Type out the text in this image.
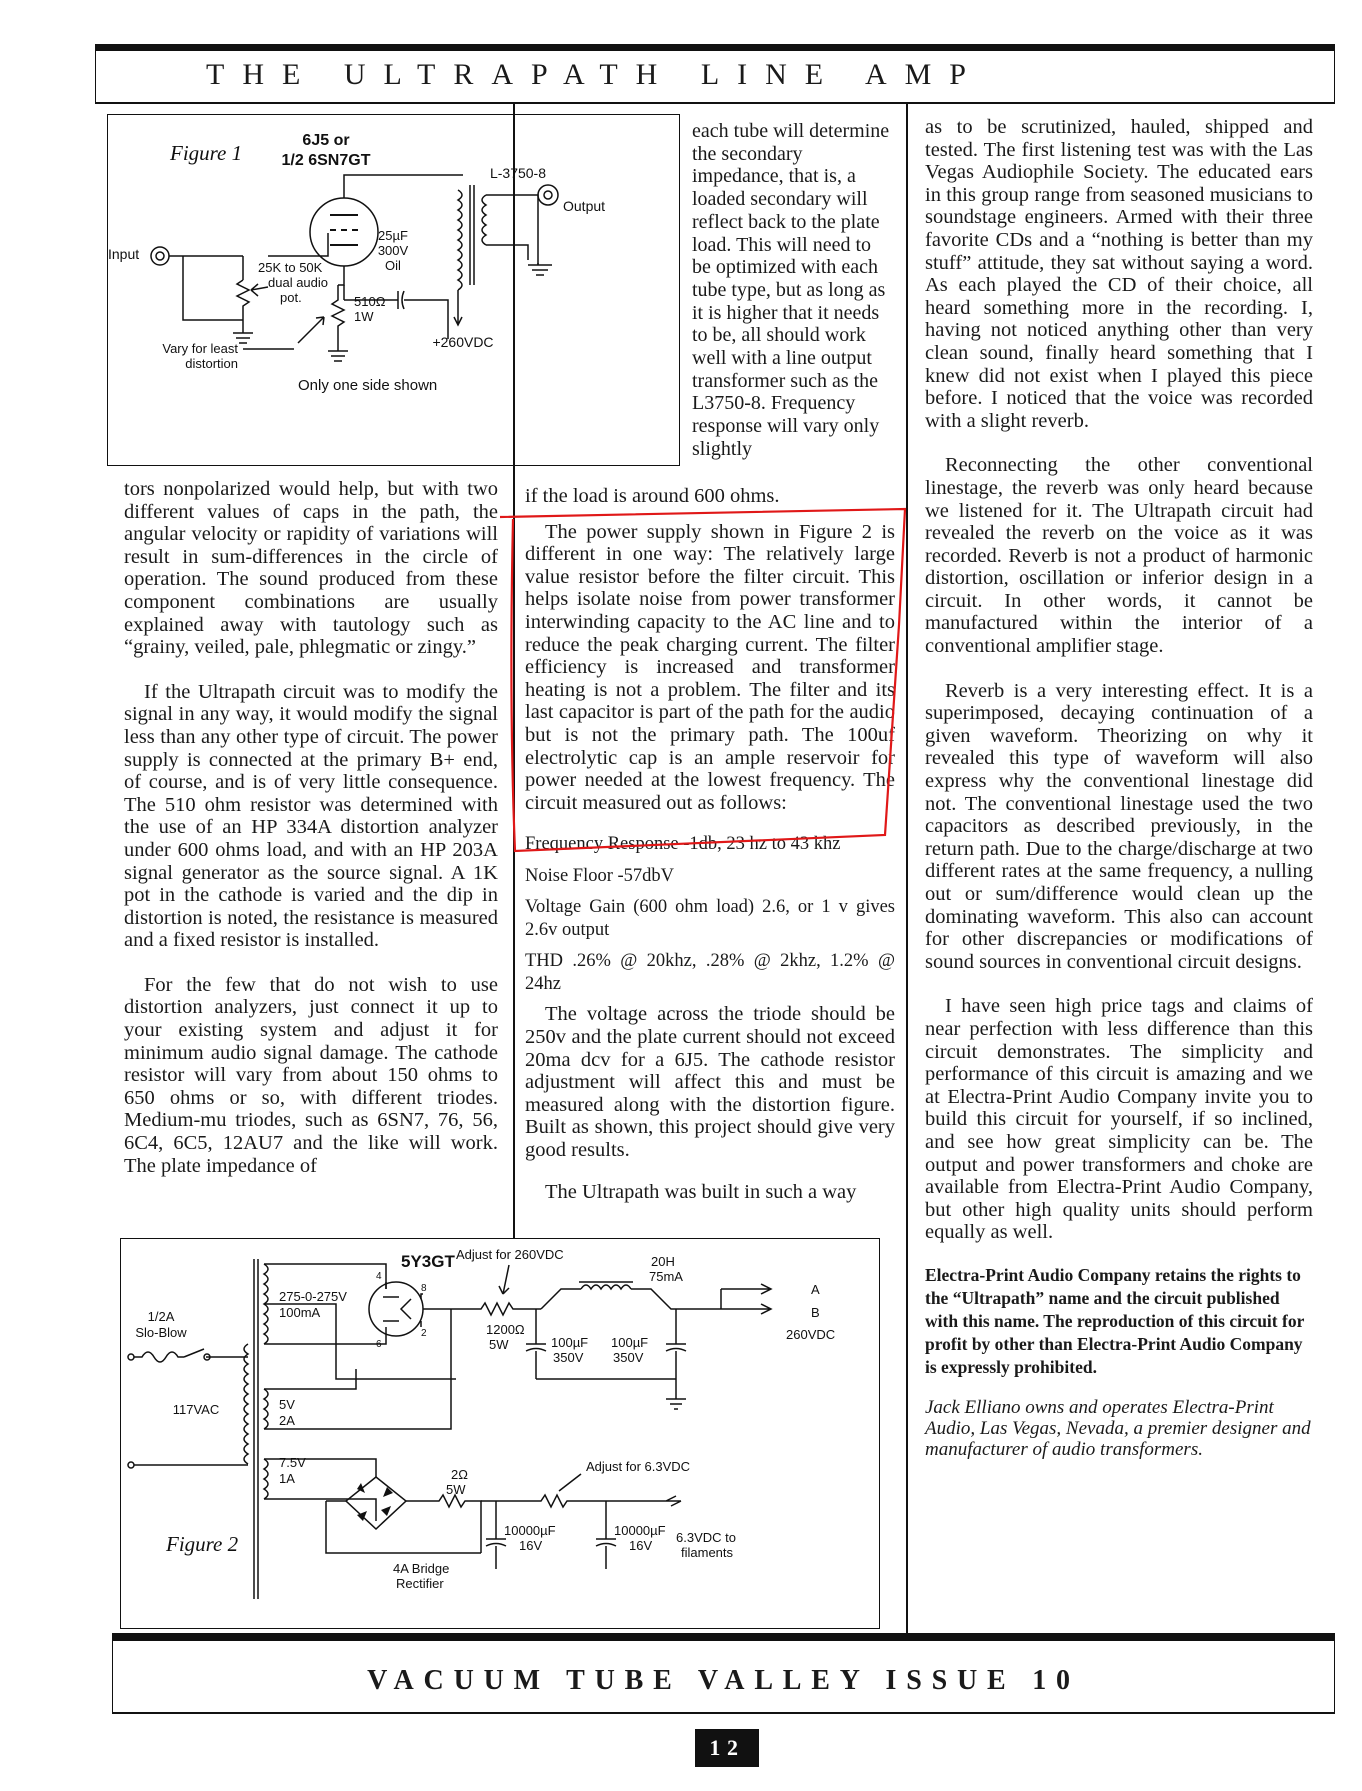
THE ULTRAPATH LINE AMP
Figure 1
6J5 or
1/2 6SN7GT
L-3750-8
Input
25K to 50K
dual audio
pot.
25µF
300V
Oil
510Ω
1W
Vary for least
distortion
+260VDC
Output
Only one side shown

tors nonpolarized would help, but with two different values of caps in the path, the angular velocity or rapidity of variations will result in sum-differences in the circle of operation. The sound produced from these component combinations are usually explained away with tautology such as “grainy, veiled, pale, phlegmatic or zingy.”

If the Ultrapath circuit was to modify the signal in any way, it would modify the signal less than any other type of circuit. The power supply is connected at the primary B+ end, of course, and is of very little consequence. The 510 ohm resistor was determined with the use of an HP 334A distortion analyzer under 600 ohms load, and with an HP 203A signal generator as the source signal. A 1K pot in the cathode is varied and the dip in distortion is noted, the resistance is measured and a fixed resistor is installed.

For the few that do not wish to use distortion analyzers, just connect it up to your existing system and adjust it for minimum audio signal damage. The cathode resistor will vary from about 150 ohms to 650 ohms or so, with different triodes. Medium-mu triodes, such as 6SN7, 76, 56, 6C4, 6C5, 12AU7 and the like will work. The plate impedance of

each tube will determine the secondary impedance, that is, a loaded secondary will reflect back to the plate load. This will need to be optimized with each tube type, but as long as it is higher that it needs to be, all should work well with a line output transformer such as the L3750-8. Frequency response will vary only slightly

if the load is around 600 ohms.

The power supply shown in Figure 2 is different in one way: The relatively large value resistor before the filter circuit. This helps isolate noise from power transformer interwinding capacity to the AC line and to reduce the peak charging current. The filter efficiency is increased and transformer heating is not a problem. The filter and its last capacitor is part of the path for the audio but is not the primary path. The 100uf electrolytic cap is an ample reservoir for power needed at the lowest frequency. The circuit measured out as follows:

Frequency Response -1db, 23 hz to 43 khz

Noise Floor -57dbV

Voltage Gain (600 ohm load) 2.6, or 1 v gives 2.6v output

THD .26% @ 20khz, .28% @ 2khz, 1.2% @ 24hz

The voltage across the triode should be 250v and the plate current should not exceed 20ma dcv for a 6J5. The cathode resistor adjustment will affect this and must be measured along with the distortion figure. Built as shown, this project should give very good results.

The Ultrapath was built in such a way

as to be scrutinized, hauled, shipped and tested. The first listening test was with the Las Vegas Audiophile Society. The educated ears in this group range from seasoned musicians to soundstage engineers. Armed with their three favorite CDs and a “nothing is better than my stuff” attitude, they sat without saying a word. As each played the CD of their choice, all heard something more in the recording. I, having not noticed anything other than very clean sound, finally heard something that I knew did not exist when I played this piece before. I noticed that the voice was recorded with a slight reverb.

Reconnecting the other conventional linestage, the reverb was only heard because we listened for it. The Ultrapath circuit had revealed the reverb on the voice as it was recorded. Reverb is not a product of harmonic distortion, oscillation or inferior design in a circuit. In other words, it cannot be manufactured within the interior of a conventional amplifier stage.

Reverb is a very interesting effect. It is a superimposed, decaying continuation of a given waveform. Theorizing on why it revealed this type of waveform will also express why the conventional linestage did not. The conventional linestage used the two capacitors as described previously, in the return path. Due to the charge/discharge at two different rates at the same frequency, a nulling out or sum/difference would clean up the dominating waveform. This also can account for other discrepancies or modifications of sound sources in conventional circuit designs.

I have seen high price tags and claims of near perfection with less difference than this circuit demonstrates. The simplicity and performance of this circuit is amazing and we at Electra-Print Audio Company invite you to build this circuit for yourself, if so inclined, and see how great simplicity can be. The output and power transformers and choke are available from Electra-Print Audio Company, but other high quality units should perform equally as well.

Electra-Print Audio Company retains the rights to the “Ultrapath” name and the circuit published with this name. The reproduction of this circuit for profit by other than Electra-Print Audio Company is expressly prohibited.

Jack Elliano owns and operates Electra-Print Audio, Las Vegas, Nevada, a premier designer and manufacturer of audio transformers.

Figure 2
1/2A
Slo-Blow
117VAC
275-0-275V
100mA
5Y3GT
4
8
2
6
Adjust for 260VDC
1200Ω
5W
20H
75mA
A
B
260VDC
100µF
350V
100µF
350V
5V
2A
7.5V
1A	2Ω
5W
4A Bridge
Rectifier
Adjust for 6.3VDC
10000µF
16V
10000µF
16V
6.3VDC to
filaments
VACUUM TUBE VALLEY ISSUE 10
12
